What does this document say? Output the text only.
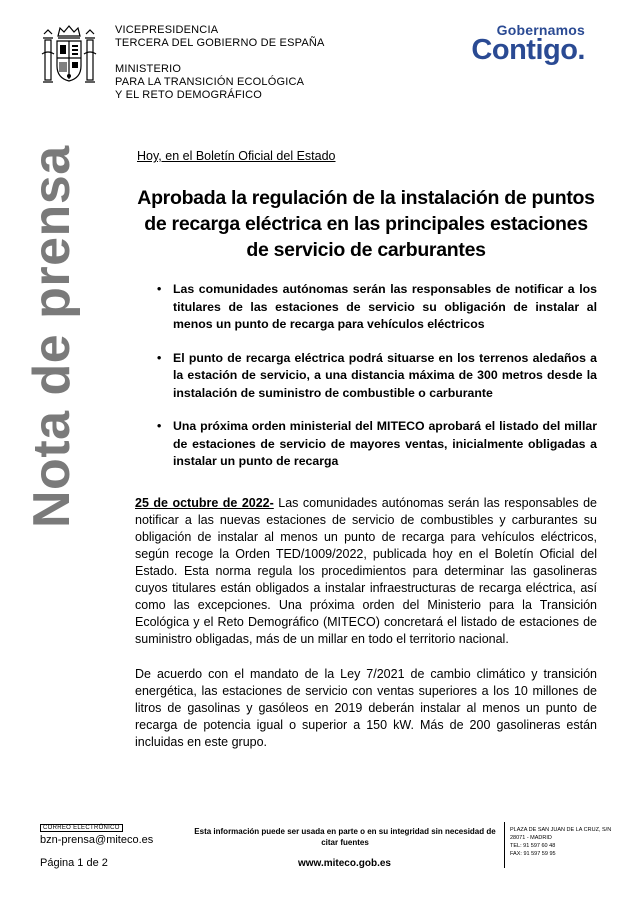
VICEPRESIDENCIA
TERCERA DEL GOBIERNO DE ESPAÑA
MINISTERIO
PARA LA TRANSICIÓN ECOLÓGICA
Y EL RETO DEMOGRÁFICO
Gobernamos
Contigo.
Nota de prensa	Hoy, en el Boletín Oficial del Estado
Aprobada la regulación de la instalación de puntos de recarga eléctrica en las principales estaciones de servicio de carburantes
• Las comunidades autónomas serán las responsables de notificar a los titulares de las estaciones de servicio su obligación de instalar al menos un punto de recarga para vehículos eléctricos
• El punto de recarga eléctrica podrá situarse en los terrenos aledaños a la estación de servicio, a una distancia máxima de 300 metros desde la instalación de suministro de combustible o carburante
• Una próxima orden ministerial del MITECO aprobará el listado del millar de estaciones de servicio de mayores ventas, inicialmente obligadas a instalar un punto de recarga

25 de octubre de 2022- Las comunidades autónomas serán las responsables de notificar a las nuevas estaciones de servicio de combustibles y carburantes su obligación de instalar al menos un punto de recarga para vehículos eléctricos, según recoge la Orden TED/1009/2022, publicada hoy en el Boletín Oficial del Estado. Esta norma regula los procedimientos para determinar las gasolineras cuyos titulares están obligados a instalar infraestructuras de recarga eléctrica, así como las excepciones. Una próxima orden del Ministerio para la Transición Ecológica y el Reto Demográfico (MITECO) concretará el listado de estaciones de suministro obligadas, más de un millar en todo el territorio nacional.

De acuerdo con el mandato de la Ley 7/2021 de cambio climático y transición energética, las estaciones de servicio con ventas superiores a los 10 millones de litros de gasolinas y gasóleos en 2019 deberán instalar al menos un punto de recarga de potencia igual o superior a 150 kW. Más de 200 gasolineras están incluidas en este grupo.

CORREO ELECTRÓNICO
bzn-prensa@miteco.es
Página 1 de 2
Esta información puede ser usada en parte o en su integridad sin necesidad de citar fuentes
www.miteco.gob.es
PLAZA DE SAN JUAN DE LA CRUZ, S/N
28071 - MADRID
TEL: 91 597 60 48
FAX: 91 597 59 95
